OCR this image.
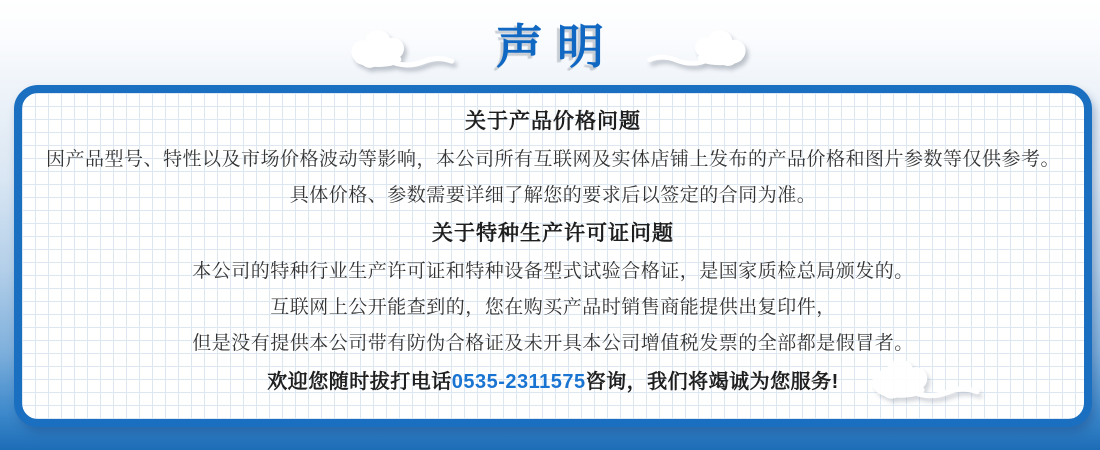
声明
关于产品价格问题

因产品型号、特性以及市场价格波动等影响，本公司所有互联网及实体店铺上发布的产品价格和图片参数等仅供参考。

具体价格、参数需要详细了解您的要求后以签定的合同为准。

关于特种生产许可证问题

本公司的特种行业生产许可证和特种设备型式试验合格证，是国家质检总局颁发的。

互联网上公开能查到的，您在购买产品时销售商能提供出复印件，

但是没有提供本公司带有防伪合格证及未开具本公司增值税发票的全部都是假冒者。

欢迎您随时拔打电话0535-2311575咨询，我们将竭诚为您服务!
